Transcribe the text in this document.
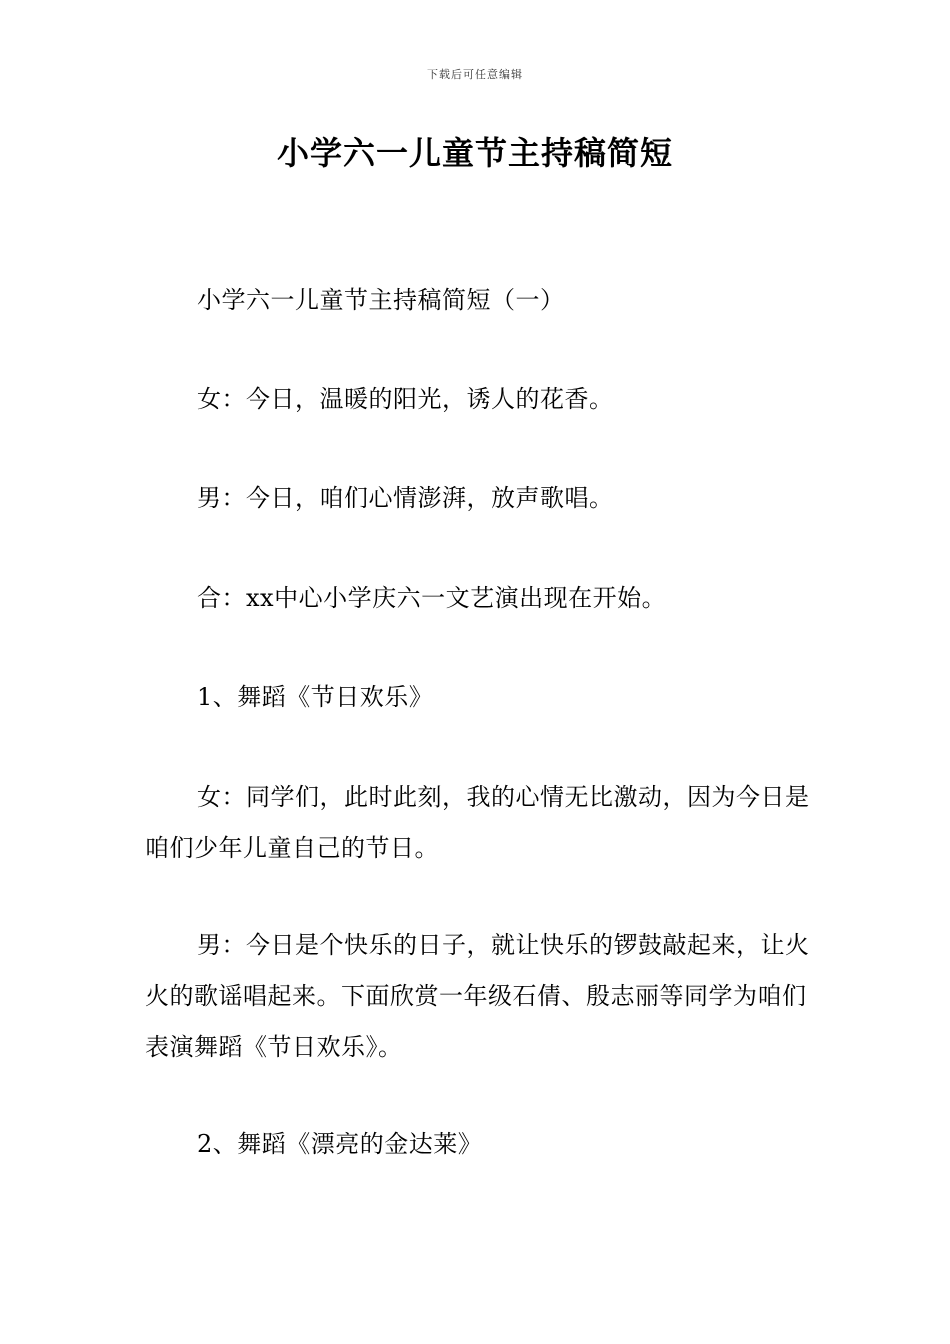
下载后可任意编辑
小学六一儿童节主持稿简短

小学六一儿童节主持稿简短（一）

女：今日，温暖的阳光，诱人的花香。

男：今日，咱们心情澎湃，放声歌唱。

合：xx中心小学庆六一文艺演出现在开始。

1、舞蹈《节日欢乐》

女：同学们，此时此刻，我的心情无比激动，因为今日是咱们少年儿童自己的节日。

男：今日是个快乐的日子，就让快乐的锣鼓敲起来，让火火的歌谣唱起来。下面欣赏一年级石倩、殷志丽等同学为咱们表演舞蹈《节日欢乐》。

2、舞蹈《漂亮的金达莱》
